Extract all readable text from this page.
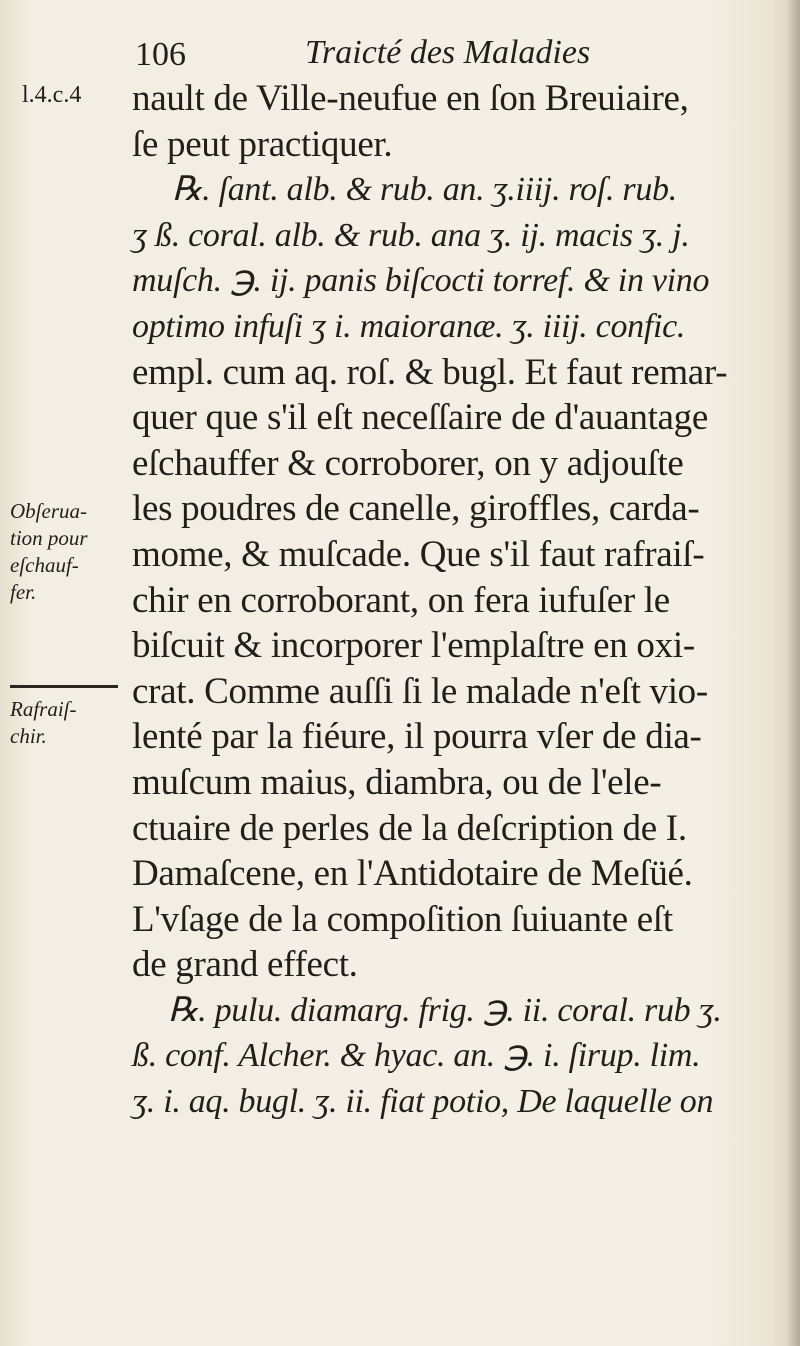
106	Traicté des Maladies
l.4.c.4 nault de Ville-neufue en ſon Breuiaire,
ſe peut practiquer.
℞. ſant. alb. & rub. an. ʒ.iiij. roſ. rub.
ʒ ß. coral. alb. & rub. ana ʒ. ij. macis ʒ. j.
muſch. ℈. ij. panis biſcocti torref. & in vino
optimo infuſi ʒ i. maioranæ. ʒ. iiij. confic.
empl. cum aq. roſ. & bugl. Et faut remar-
quer que s'il eſt neceſſaire de d'auantage
eſchauffer & corroborer, on y adjouſte
les poudres de canelle, giroffles, carda-
mome, & muſcade. Que s'il faut rafraiſ-
chir en corroborant, on fera iufuſer le
biſcuit & incorporer l'emplaſtre en oxi-
crat. Comme auſſi ſi le malade n'eſt vio-
lenté par la fiéure, il pourra vſer de dia-
muſcum maius, diambra, ou de l'ele-
ctuaire de perles de la deſcription de I.
Damaſcene, en l'Antidotaire de Meſüé.
L'vſage de la compoſition ſuiuante eſt
de grand effect.
℞. pulu. diamarg. frig. ℈. ii. coral. rub ʒ.
ß. conf. Alcher. & hyac. an. ℈. i. ſirup. lim.
ʒ. i. aq. bugl. ʒ. ii. fiat potio, De laquelle on
Obſerua-
tion pour
eſchauf-
fer.
Rafraiſ-
chir.
